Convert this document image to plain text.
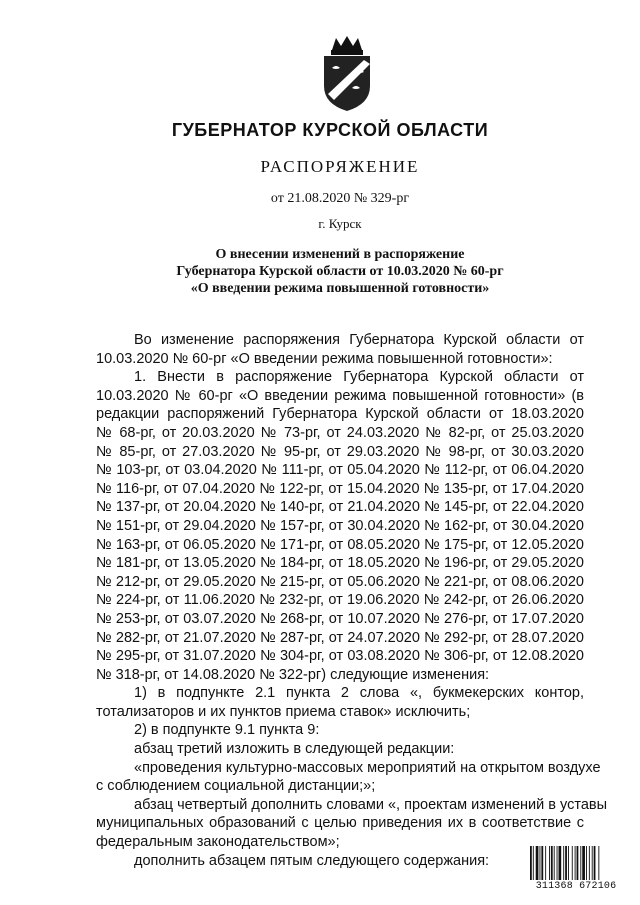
ГУБЕРНАТОР КУРСКОЙ ОБЛАСТИ
РАСПОРЯЖЕНИЕ
от 21.08.2020 № 329-рг
г. Курск
О внесении изменений в распоряжение
Губернатора Курской области от 10.03.2020 № 60-рг
«О введении режима повышенной готовности»

Во изменение распоряжения Губернатора Курской области от
10.03.2020 № 60-рг «О введении режима повышенной готовности»:

1. Внести в распоряжение Губернатора Курской области от
10.03.2020 № 60-рг «О введении режима повышенной готовности» (в
редакции распоряжений Губернатора Курской области от 18.03.2020
№ 68-рг, от 20.03.2020 № 73-рг, от 24.03.2020 № 82-рг, от 25.03.2020
№ 85-рг, от 27.03.2020 № 95-рг, от 29.03.2020 № 98-рг, от 30.03.2020
№ 103-рг, от 03.04.2020 № 111-рг, от 05.04.2020 № 112-рг, от 06.04.2020
№ 116-рг, от 07.04.2020 № 122-рг, от 15.04.2020 № 135-рг, от 17.04.2020
№ 137-рг, от 20.04.2020 № 140-рг, от 21.04.2020 № 145-рг, от 22.04.2020
№ 151-рг, от 29.04.2020 № 157-рг, от 30.04.2020 № 162-рг, от 30.04.2020
№ 163-рг, от 06.05.2020 № 171-рг, от 08.05.2020 № 175-рг, от 12.05.2020
№ 181-рг, от 13.05.2020 № 184-рг, от 18.05.2020 № 196-рг, от 29.05.2020
№ 212-рг, от 29.05.2020 № 215-рг, от 05.06.2020 № 221-рг, от 08.06.2020
№ 224-рг, от 11.06.2020 № 232-рг, от 19.06.2020 № 242-рг, от 26.06.2020
№ 253-рг, от 03.07.2020 № 268-рг, от 10.07.2020 № 276-рг, от 17.07.2020
№ 282-рг, от 21.07.2020 № 287-рг, от 24.07.2020 № 292-рг, от 28.07.2020
№ 295-рг, от 31.07.2020 № 304-рг, от 03.08.2020 № 306-рг, от 12.08.2020
№ 318-рг, от 14.08.2020 № 322-рг) следующие изменения:

1) в подпункте 2.1 пункта 2 слова «, букмекерских контор,
тотализаторов и их пунктов приема ставок» исключить;

2) в подпункте 9.1 пункта 9:

абзац третий изложить в следующей редакции:

«проведения культурно-массовых мероприятий на открытом воздухе
с соблюдением социальной дистанции;»;

абзац четвертый дополнить словами «, проектам изменений в уставы
муниципальных образований с целью приведения их в соответствие с
федеральным законодательством»;

дополнить абзацем пятым следующего содержания:

311368 672106
